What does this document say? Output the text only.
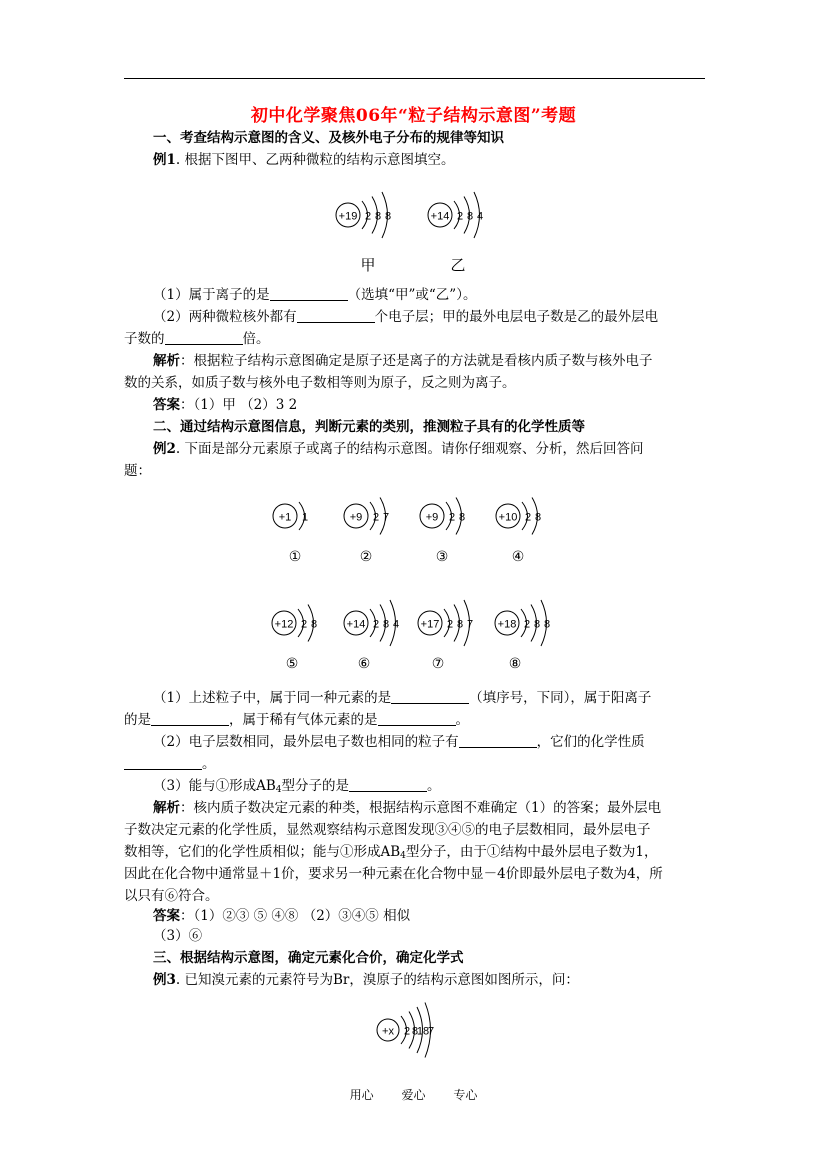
初中化学聚焦06年“粒子结构示意图”考题
一、考查结构示意图的含义、及核外电子分布的规律等知识
例1. 根据下图甲、乙两种微粒的结构示意图填空。
（1）属于离子的是	（选填“甲”或“乙”）。
（2）两种微粒核外都有	个电子层；甲的最外电层电子数是乙的最外层电
子数的	倍。
解析：根据粒子结构示意图确定是原子还是离子的方法就是看核内质子数与核外电子
数的关系，如质子数与核外电子数相等则为原子，反之则为离子。
答案：（1）甲 （2）3 2
二、通过结构示意图信息，判断元素的类别，推测粒子具有的化学性质等
例2. 下面是部分元素原子或离子的结构示意图。请你仔细观察、分析，然后回答问
题：
（1）上述粒子中，属于同一种元素的是	（填序号，下同），属于阳离子
的是	，属于稀有气体元素的是	。
（2）电子层数相同，最外层电子数也相同的粒子有	，它们的化学性质
。
（3）能与①形成$AB_4$型分子的是	。
解析：核内质子数决定元素的种类，根据结构示意图不难确定（1）的答案；最外层电
子数决定元素的化学性质，显然观察结构示意图发现③④⑤的电子层数相同，最外层电子
数相等，它们的化学性质相似；能与①形成$AB_4$型分子，由于①结构中最外层电子数为1，
因此在化合物中通常显＋1价，要求另一种元素在化合物中显－4价即最外层电子数为4，所
以只有⑥符合。
答案：（1）②③ ⑤ ④⑧ （2）③④⑤ 相似
（3）⑥
三、根据结构示意图，确定元素化合价，确定化学式
例3. 已知溴元素的元素符号为Br，溴原子的结构示意图如图所示，问：
+19 2 8 8
甲
+14 2 8 4
乙
+1 1
①
+9 2 7
②
+9 2 8
③
+10 2 8
④
+12 2 8
⑤
+14 2 8 4
⑥
+17 2 8 7
⑦
+18 2 8 8
⑧
+x 2 8
18
7
用心 爱心 专心
